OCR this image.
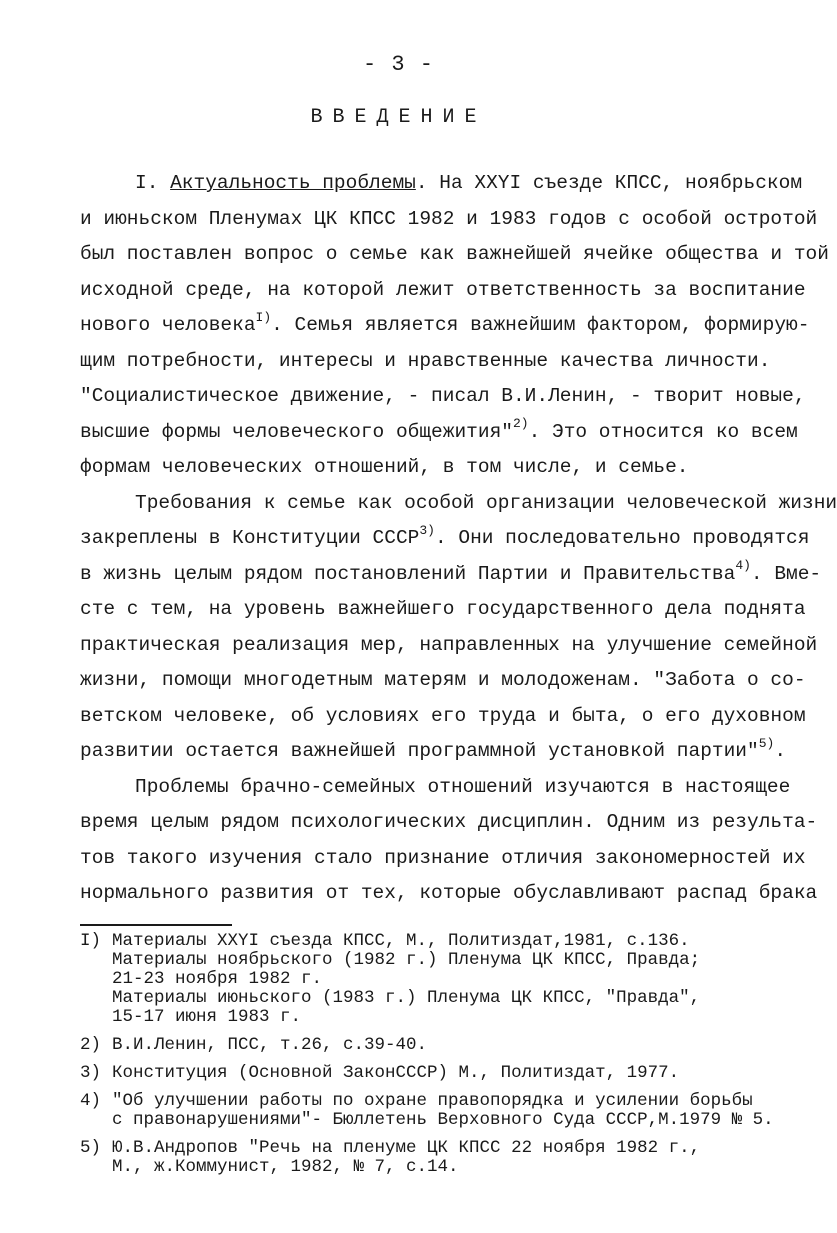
- 3 -
ВВЕДЕНИЕ

I. Актуальность проблемы. На XXYI съезде КПСС, ноябрьском
и июньском Пленумах ЦК КПСС 1982 и 1983 годов с особой остротой
был поставлен вопрос о семье как важнейшей ячейке общества и той
исходной среде, на которой лежит ответственность за воспитание
нового человека$^{I)}$. Семья является важнейшим фактором, формирую-
щим потребности, интересы и нравственные качества личности.
"Социалистическое движение, - писал В.И.Ленин, - творит новые,
высшие формы человеческого общежития"$^{2)}$. Это относится ко всем
формам человеческих отношений, в том числе, и семье.

Требования к семье как особой организации человеческой жизни
закреплены в Конституции СССР$^{3)}$. Они последовательно проводятся
в жизнь целым рядом постановлений Партии и Правительства$^{4)}$. Вме-
сте с тем, на уровень важнейшего государственного дела поднята
практическая реализация мер, направленных на улучшение семейной
жизни, помощи многодетным матерям и молодоженам. "Забота о со-
ветском человеке, об условиях его труда и быта, о его духовном
развитии остается важнейшей программной установкой партии"$^{5)}$.

Проблемы брачно-семейных отношений изучаются в настоящее
время целым рядом психологических дисциплин. Одним из результа-
тов такого изучения стало признание отличия закономерностей их
нормального развития от тех, которые обуславливают распад брака

I) Материалы XXYI съезда КПСС, М., Политиздат,1981, с.136.
Материалы ноябрьского (1982 г.) Пленума ЦК КПСС, Правда;
21-23 ноября 1982 г.
Материалы июньского (1983 г.) Пленума ЦК КПСС, "Правда",
15-17 июня 1983 г.
2) В.И.Ленин, ПСС, т.26, с.39-40.
3) Конституция (Основной ЗаконСССР) М., Политиздат, 1977.
4) "Об улучшении работы по охране правопорядка и усилении борьбы
с правонарушениями"- Бюллетень Верховного Суда СССР,М.1979 № 5.
5) Ю.В.Андропов "Речь на пленуме ЦК КПСС 22 ноября 1982 г.,
М., ж.Коммунист, 1982, № 7, с.14.
